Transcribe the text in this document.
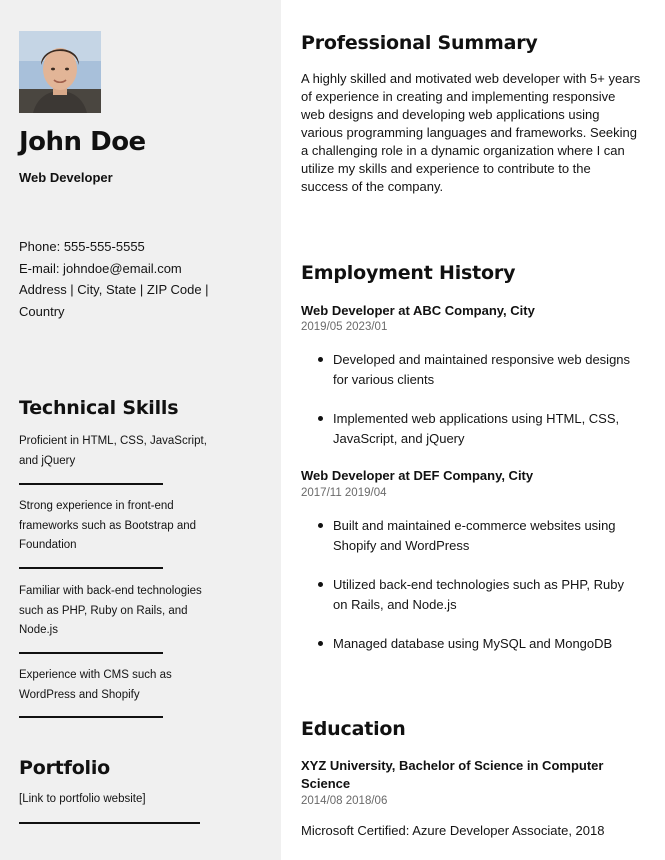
John Doe
Web Developer
Phone: 555-555-5555
E-mail: johndoe@email.com
Address | City, State | ZIP Code | Country
Technical Skills
Proficient in HTML, CSS, JavaScript, and jQuery
Strong experience in front-end frameworks such as Bootstrap and Foundation
Familiar with back-end technologies such as PHP, Ruby on Rails, and Node.js
Experience with CMS such as WordPress and Shopify
Portfolio
[Link to portfolio website]
Professional Summary
A highly skilled and motivated web developer with 5+ years of experience in creating and implementing responsive web designs and developing web applications using various programming languages and frameworks. Seeking a challenging role in a dynamic organization where I can utilize my skills and experience to contribute to the success of the company.
Employment History
Web Developer at ABC Company, City
2019/05 2023/01
Developed and maintained responsive web designs for various clients
Implemented web applications using HTML, CSS, JavaScript, and jQuery
Web Developer at DEF Company, City
2017/11 2019/04
Built and maintained e-commerce websites using Shopify and WordPress
Utilized back-end technologies such as PHP, Ruby on Rails, and Node.js
Managed database using MySQL and MongoDB
Education
XYZ University, Bachelor of Science in Computer Science
2014/08 2018/06
Microsoft Certified: Azure Developer Associate, 2018
